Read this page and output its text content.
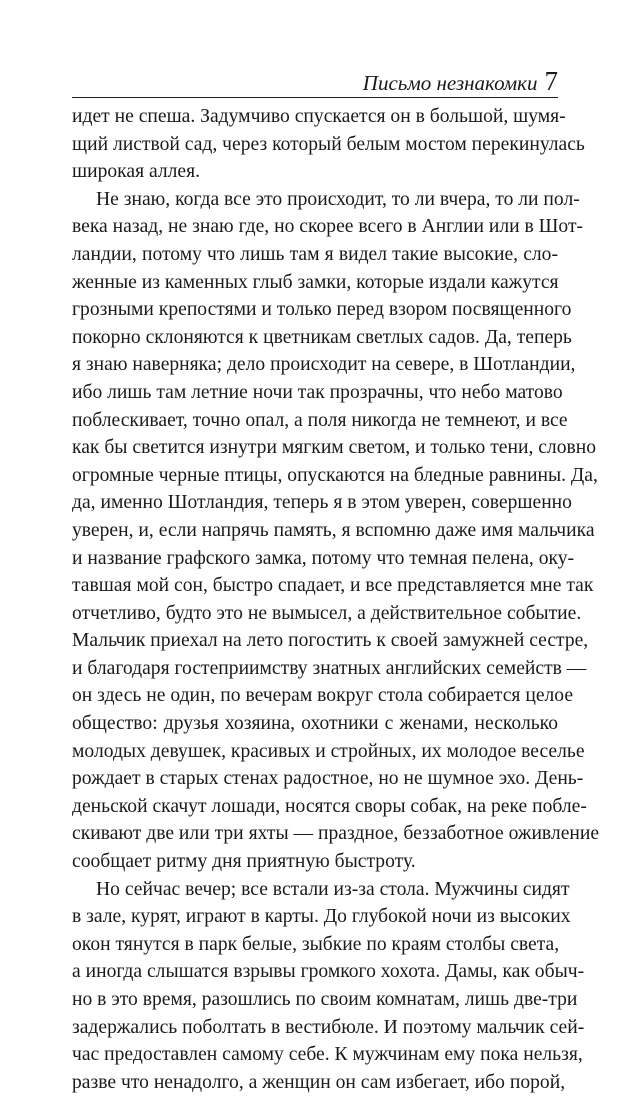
Письмо незнакомки 7
идет не спеша. Задумчиво спускается он в большой, шумя-
щий листвой сад, через который белым мостом перекинулась
широкая аллея.
Не знаю, когда все это происходит, то ли вчера, то ли пол-
века назад, не знаю где, но скорее всего в Англии или в Шот-
ландии, потому что лишь там я видел такие высокие, сло-
женные из каменных глыб замки, которые издали кажутся
грозными крепостями и только перед взором посвященного
покорно склоняются к цветникам светлых садов. Да, теперь
я знаю наверняка; дело происходит на севере, в Шотландии,
ибо лишь там летние ночи так прозрачны, что небо матово
поблескивает, точно опал, а поля никогда не темнеют, и все
как бы светится изнутри мягким светом, и только тени, словно
огромные черные птицы, опускаются на бледные равнины. Да,
да, именно Шотландия, теперь я в этом уверен, совершенно
уверен, и, если напрячь память, я вспомню даже имя мальчика
и название графского замка, потому что темная пелена, оку-
тавшая мой сон, быстро спадает, и все представляется мне так
отчетливо, будто это не вымысел, а действительное событие.
Мальчик приехал на лето погостить к своей замужней сестре,
и благодаря гостеприимству знатных английских семейств —
он здесь не один, по вечерам вокруг стола собирается целое
общество: друзья хозяина, охотники с женами, несколько
молодых девушек, красивых и стройных, их молодое веселье
рождает в старых стенах радостное, но не шумное эхо. День-
деньской скачут лошади, носятся своры собак, на реке побле-
скивают две или три яхты — праздное, беззаботное оживление
сообщает ритму дня приятную быстроту.
Но сейчас вечер; все встали из-за стола. Мужчины сидят
в зале, курят, играют в карты. До глубокой ночи из высоких
окон тянутся в парк белые, зыбкие по краям столбы света,
а иногда слышатся взрывы громкого хохота. Дамы, как обыч-
но в это время, разошлись по своим комнатам, лишь две-три
задержались поболтать в вестибюле. И поэтому мальчик сей-
час предоставлен самому себе. К мужчинам ему пока нельзя,
разве что ненадолго, а женщин он сам избегает, ибо порой,
